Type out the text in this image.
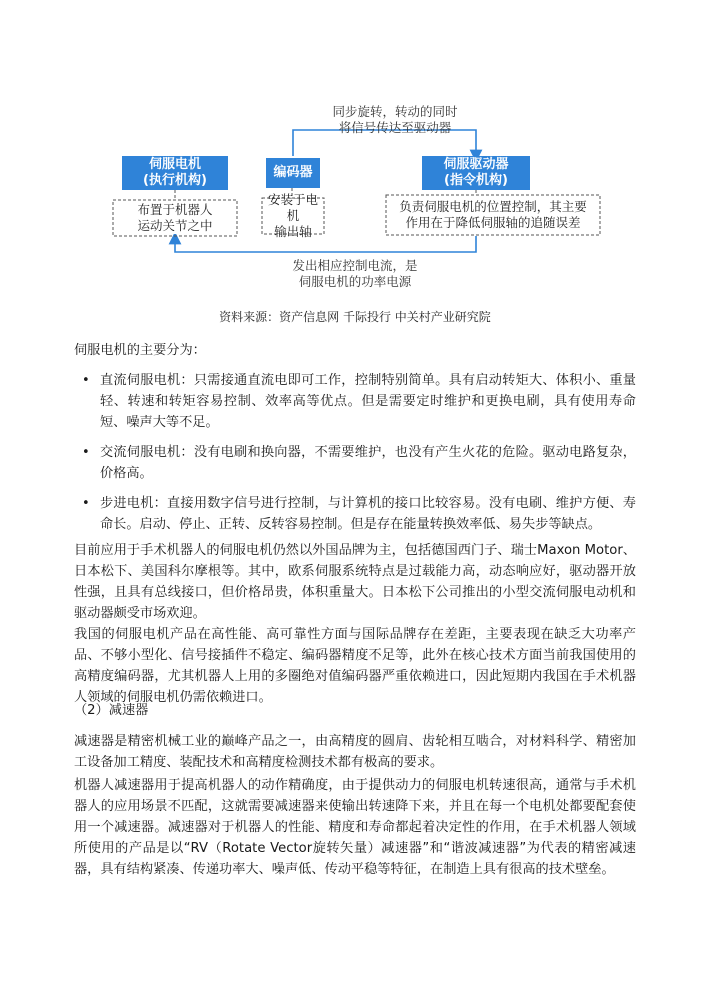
同步旋转，转动的同时
将信号传达至驱动器
伺服电机
(执行机构)
编码器
伺服驱动器
(指令机构)
布置于机器人
运动关节之中
安装于电机
输出轴
负责伺服电机的位置控制，其主要
作用在于降低伺服轴的追随误差
发出相应控制电流，是
伺服电机的功率电源
资料来源：资产信息网 千际投行 中关村产业研究院
伺服电机的主要分为：
• 直流伺服电机：只需接通直流电即可工作，控制特别简单。具有启动转矩大、体积小、重量轻、转速和转矩容易控制、效率高等优点。但是需要定时维护和更换电刷，具有使用寿命短、噪声大等不足。
• 交流伺服电机：没有电刷和换向器，不需要维护，也没有产生火花的危险。驱动电路复杂，价格高。
• 步进电机：直接用数字信号进行控制，与计算机的接口比较容易。没有电刷、维护方便、寿命长。启动、停止、正转、反转容易控制。但是存在能量转换效率低、易失步等缺点。
目前应用于手术机器人的伺服电机仍然以外国品牌为主，包括德国西门子、瑞士Maxon Motor、日本松下、美国科尔摩根等。其中，欧系伺服系统特点是过载能力高，动态响应好，驱动器开放性强，且具有总线接口，但价格昂贵，体积重量大。日本松下公司推出的小型交流伺服电动机和驱动器颇受市场欢迎。
我国的伺服电机产品在高性能、高可靠性方面与国际品牌存在差距，主要表现在缺乏大功率产品、不够小型化、信号接插件不稳定、编码器精度不足等，此外在核心技术方面当前我国使用的高精度编码器，尤其机器人上用的多圈绝对值编码器严重依赖进口，因此短期内我国在手术机器人领域的伺服电机仍需依赖进口。
（2）减速器
减速器是精密机械工业的巅峰产品之一，由高精度的圆肩、齿轮相互啮合，对材料科学、精密加工设备加工精度、装配技术和高精度检测技术都有极高的要求。
机器人减速器用于提高机器人的动作精确度，由于提供动力的伺服电机转速很高，通常与手术机器人的应用场景不匹配，这就需要减速器来使输出转速降下来，并且在每一个电机处都要配套使用一个减速器。减速器对于机器人的性能、精度和寿命都起着决定性的作用，在手术机器人领域所使用的产品是以“RV（Rotate Vector旋转矢量）减速器”和“谐波减速器”为代表的精密减速器，具有结构紧凑、传递功率大、噪声低、传动平稳等特征，在制造上具有很高的技术壁垒。
